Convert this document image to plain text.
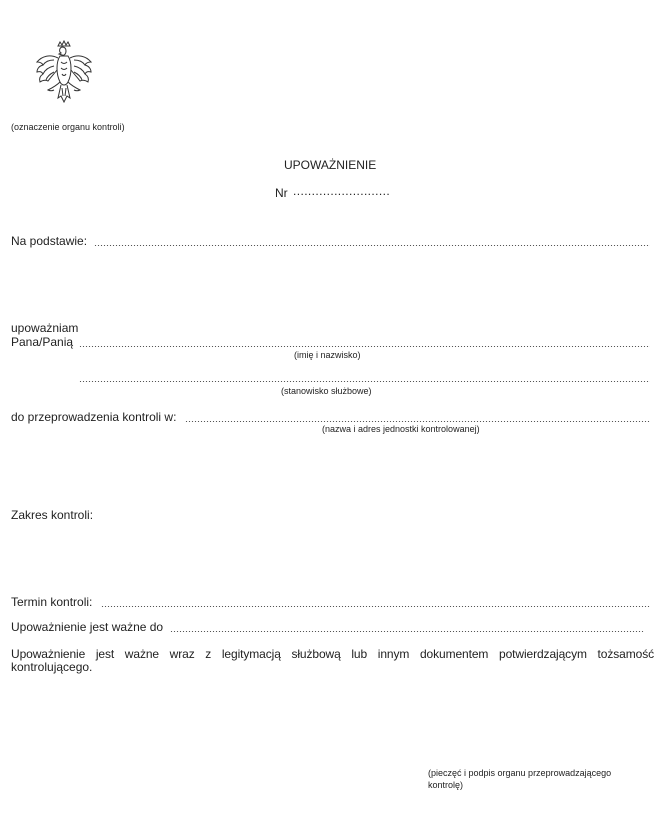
(oznaczenie organu kontroli)
UPOWAŻNIENIE
Nr ..........................
Na podstawie:
upoważniam
Pana/Panią
(imię i nazwisko)
(stanowisko służbowe)
do przeprowadzenia kontroli w:
(nazwa i adres jednostki kontrolowanej)
Zakres kontroli:
Termin kontroli:
Upoważnienie jest ważne do
Upoważnienie jest ważne wraz z legitymacją służbową lub innym dokumentem potwierdzającym tożsamość
kontrolującego.
(pieczęć i podpis organu przeprowadzającego
kontrolę)
